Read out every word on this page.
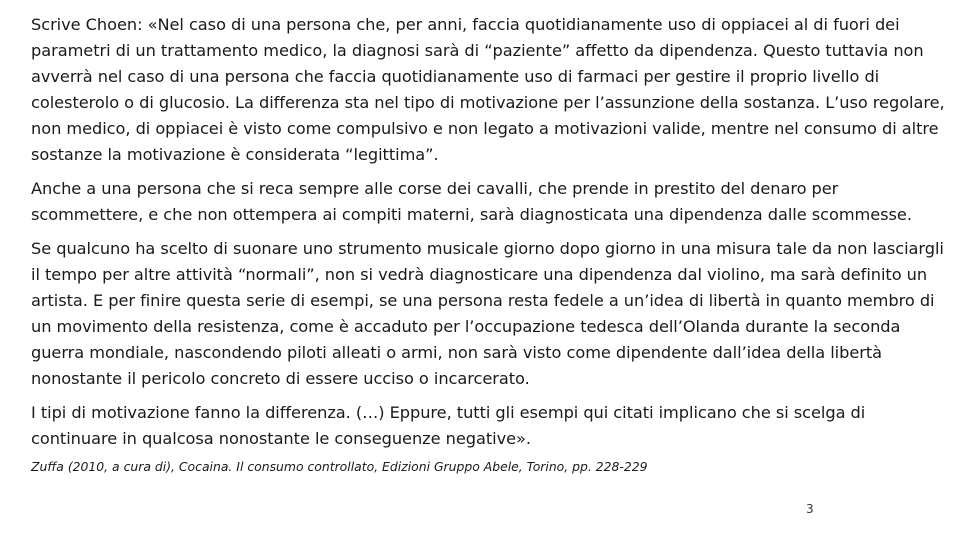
Scrive Choen: «Nel caso di una persona che, per anni, faccia quotidianamente uso di oppiacei al di fuori dei parametri di un trattamento medico, la diagnosi sarà di “paziente” affetto da dipendenza. Questo tuttavia non avverrà nel caso di una persona che faccia quotidianamente uso di farmaci per gestire il proprio livello di colesterolo o di glucosio. La differenza sta nel tipo di motivazione per l’assunzione della sostanza. L’uso regolare, non medico, di oppiacei è visto come compulsivo e non legato a motivazioni valide, mentre nel consumo di altre sostanze la motivazione è considerata “legittima”.

Anche a una persona che si reca sempre alle corse dei cavalli, che prende in prestito del denaro per scommettere, e che non ottempera ai compiti materni, sarà diagnosticata una dipendenza dalle scommesse.

Se qualcuno ha scelto di suonare uno strumento musicale giorno dopo giorno in una misura tale da non lasciargli il tempo per altre attività “normali”, non si vedrà diagnosticare una dipendenza dal violino, ma sarà definito un artista. E per finire questa serie di esempi, se una persona resta fedele a un’idea di libertà in quanto membro di un movimento della resistenza, come è accaduto per l’occupazione tedesca dell’Olanda durante la seconda guerra mondiale, nascondendo piloti alleati o armi, non sarà visto come dipendente dall’idea della libertà nonostante il pericolo concreto di essere ucciso o incarcerato.

I tipi di motivazione fanno la differenza. (…) Eppure, tutti gli esempi qui citati implicano che si scelga di continuare in qualcosa nonostante le conseguenze negative».

Zuffa (2010, a cura di), Cocaina. Il consumo controllato, Edizioni Gruppo Abele, Torino, pp. 228-229
3
